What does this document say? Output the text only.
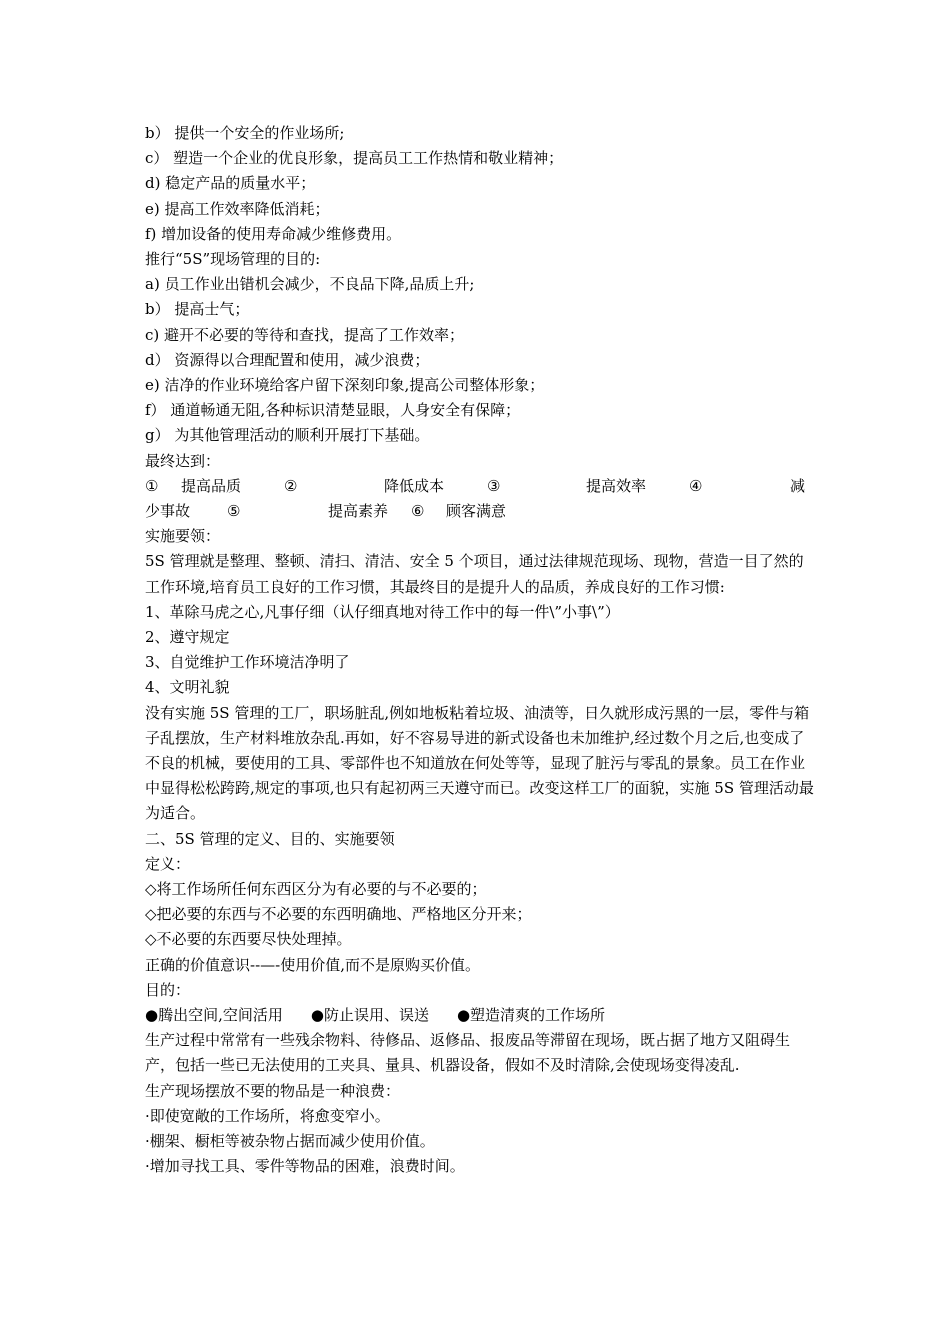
b） 提供一个安全的作业场所;
c） 塑造一个企业的优良形象，提高员工工作热情和敬业精神；
d) 稳定产品的质量水平；
e) 提高工作效率降低消耗；
f) 增加设备的使用寿命减少维修费用。
推行“5S”现场管理的目的:
a) 员工作业出错机会减少，不良品下降,品质上升;
b） 提高士气；
c) 避开不必要的等待和查找，提高了工作效率；
d） 资源得以合理配置和使用，减少浪费；
e) 洁净的作业环境给客户留下深刻印象,提高公司整体形象；
f） 通道畅通无阻,各种标识清楚显眼，人身安全有保障；
g） 为其他管理活动的顺利开展打下基础。
最终达到：
① 提高品质	②	降低成本	③	提高效率	④	减
少事故 ⑤	提高素养 ⑥ 顾客满意
实施要领：
5S 管理就是整理、整顿、清扫、清洁、安全 5 个项目，通过法律规范现场、现物，营造一目了然的工作环境,培育员工良好的工作习惯，其最终目的是提升人的品质，养成良好的工作习惯:
1、革除马虎之心,凡事仔细（认仔细真地对待工作中的每一件\”小事\”）
2、遵守规定
3、自觉维护工作环境洁净明了
4、文明礼貌
没有实施 5S 管理的工厂，职场脏乱,例如地板粘着垃圾、油渍等，日久就形成污黑的一层，零件与箱子乱摆放，生产材料堆放杂乱.再如，好不容易导进的新式设备也未加维护,经过数个月之后,也变成了不良的机械，要使用的工具、零部件也不知道放在何处等等，显现了脏污与零乱的景象。员工在作业中显得松松跨跨,规定的事项,也只有起初两三天遵守而已。改变这样工厂的面貌，实施 5S 管理活动最为适合。
二、5S 管理的定义、目的、实施要领
定义：
◇将工作场所任何东西区分为有必要的与不必要的；
◇把必要的东西与不必要的东西明确地、严格地区分开来；
◇不必要的东西要尽快处理掉。
正确的价值意识--—-使用价值,而不是原购买价值。
目的：
●腾出空间,空间活用 ●防止误用、误送 ●塑造清爽的工作场所
生产过程中常常有一些残余物料、待修品、返修品、报废品等滞留在现场，既占据了地方又阻碍生产，包括一些已无法使用的工夹具、量具、机器设备，假如不及时清除,会使现场变得凌乱.
生产现场摆放不要的物品是一种浪费：
·即使宽敞的工作场所，将愈变窄小。
·棚架、橱柜等被杂物占据而减少使用价值。
·增加寻找工具、零件等物品的困难，浪费时间。
